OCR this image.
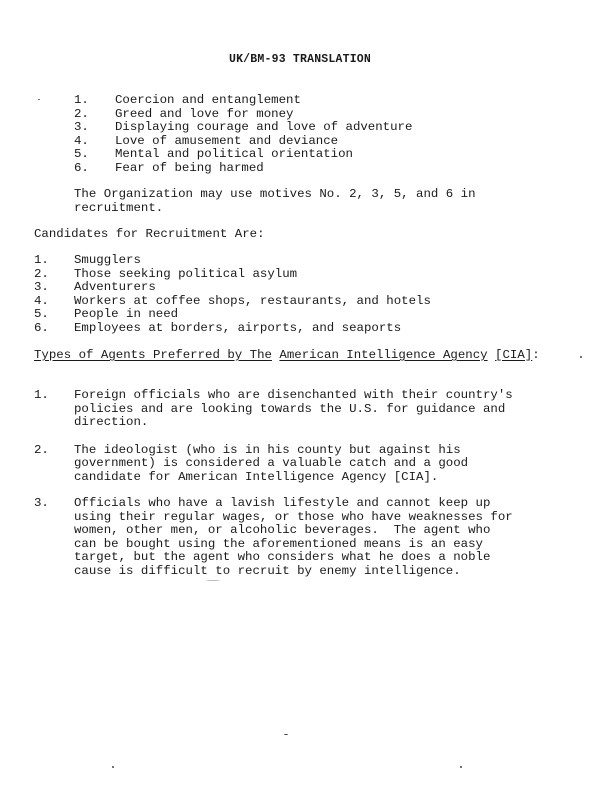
UK/BM-93 TRANSLATION
1.	Coercion and entanglement
2.	Greed and love for money
3.	Displaying courage and love of adventure
4.	Love of amusement and deviance
5.	Mental and political orientation
6.	Fear of being harmed
The Organization may use motives No. 2, 3, 5, and 6 in
recruitment.
Candidates for Recruitment Are:
1.	Smugglers
2.	Those seeking political asylum
3.	Adventurers
4.	Workers at coffee shops, restaurants, and hotels
5.	People in need
6.	Employees at borders, airports, and seaports
Types of Agents Preferred by The American Intelligence Agency [CIA]:
1.	Foreign officials who are disenchanted with their country's
policies and are looking towards the U.S. for guidance and
direction.
2.	The ideologist (who is in his county but against his
government) is considered a valuable catch and a good
candidate for American Intelligence Agency [CIA].
3.	Officials who have a lavish lifestyle and cannot keep up
using their regular wages, or those who have weaknesses for
women, other men, or alcoholic beverages.  The agent who
can be bought using the aforementioned means is an easy
target, but the agent who considers what he does a noble
cause is difficult to recruit by enemy intelligence.
